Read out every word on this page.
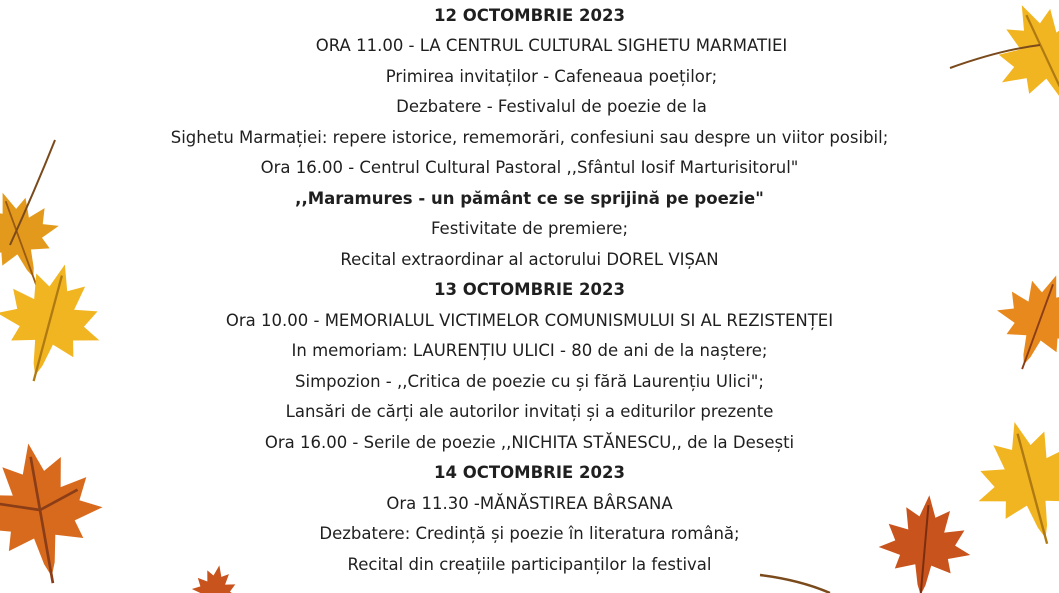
12 OCTOMBRIE 2023
ORA 11.00 - LA CENTRUL CULTURAL SIGHETU MARMATIEI
Primirea invitaților - Cafeneaua poeților;
Dezbatere - Festivalul de poezie de la
Sighetu Marmației: repere istorice, rememorări, confesiuni sau despre un viitor posibil;
Ora 16.00 - Centrul Cultural Pastoral ,,Sfântul Iosif Marturisitorul"
,,Maramures - un pământ ce se sprijină pe poezie"
Festivitate de premiere;
Recital extraordinar al actorului DOREL VIȘAN
13 OCTOMBRIE 2023
Ora 10.00 - MEMORIALUL VICTIMELOR COMUNISMULUI SI AL REZISTENȚEI
In memoriam: LAURENȚIU ULICI - 80 de ani de la naștere;
Simpozion - ,,Critica de poezie cu și fără Laurențiu Ulici";
Lansări de cărți ale autorilor invitați și a editurilor prezente
Ora 16.00 - Serile de poezie ,,NICHITA STĂNESCU,, de la Desești
14 OCTOMBRIE 2023
Ora 11.30 -MĂNĂSTIREA BÂRSANA
Dezbatere: Credință și poezie în literatura română;
Recital din creațiile participanților la festival
